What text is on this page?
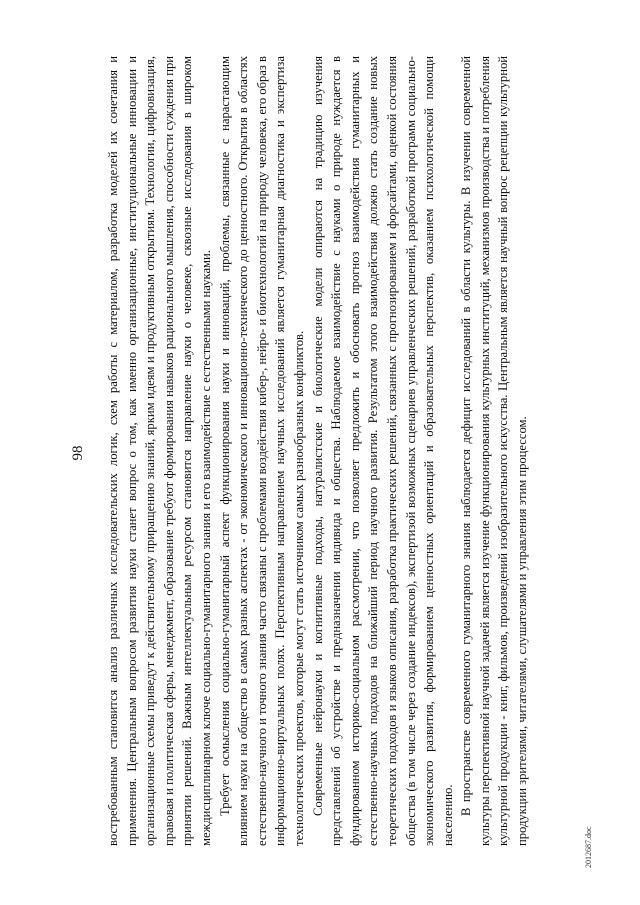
98 востребованным становится анализ различных исследовательских логик, схем работы с материалом, разработка моделей их сочетания и применения. Центральным вопросом развития науки станет вопрос о том, как именно организационные, институциональные инновации и организационные схемы приведут к действительному приращению знаний, ярким идеям и продуктивным открытиям. Технологии, цифровизация, правовая и политическая сферы, менеджмент, образование требуют формирования навыков рационального мышления, способности суждения при принятии решений. Важным интеллектуальным ресурсом становится направление науки о человеке, сквозные исследования в широком междисциплинарном ключе социально-гуманитарного знания и его взаимодействие с естественными науками. Требует осмысления социально-гуманитарный аспект функционирования науки и инноваций, проблемы, связанные с нарастающим влиянием науки на общество в самых разных аспектах - от экономического и инновационно-технического до ценностного. Открытия в областях естественно-научного и точного знания часто связаны с проблемами воздействия кибер-, нейро- и биотехнологий на природу человека, его образ в информационно-виртуальных полях. Перспективным направлением научных исследований является гуманитарная диагностика и экспертиза технологических проектов, которые могут стать источником самых разнообразных конфликтов. Современные нейронауки и когнитивные подходы, натуралистские и биологические модели опираются на традицию изучения представлений об устройстве и предназначении индивида и общества. Наблюдаемое взаимодействие с науками о природе нуждается в фундированном историко-социальном рассмотрении, что позволяет предложить и обосновать прогноз взаимодействия гуманитарных и естественно-научных подходов на ближайший период научного развития. Результатом этого взаимодействия должно стать создание новых теоретических подходов и языков описания, разработка практических решений, связанных с прогнозированием и форсайтами, оценкой состояния общества (в том числе через создание индексов), экспертизой возможных сценариев управленческих решений, разработкой программ социально-экономического развития, формированием ценностных ориентаций и образовательных перспектив, оказанием психологической помощи населению. В пространстве современного гуманитарного знания наблюдается дефицит исследований в области культуры. В изучении современной культуры перспективной научной задачей является изучение функционирования культурных институций, механизмов производства и потребления культурной продукции - книг, фильмов, произведений изобразительного искусства. Центральным является научный вопрос рецепции культурной продукции зрителями, читателями, слушателями и управления этим процессом.

2012687.doc
